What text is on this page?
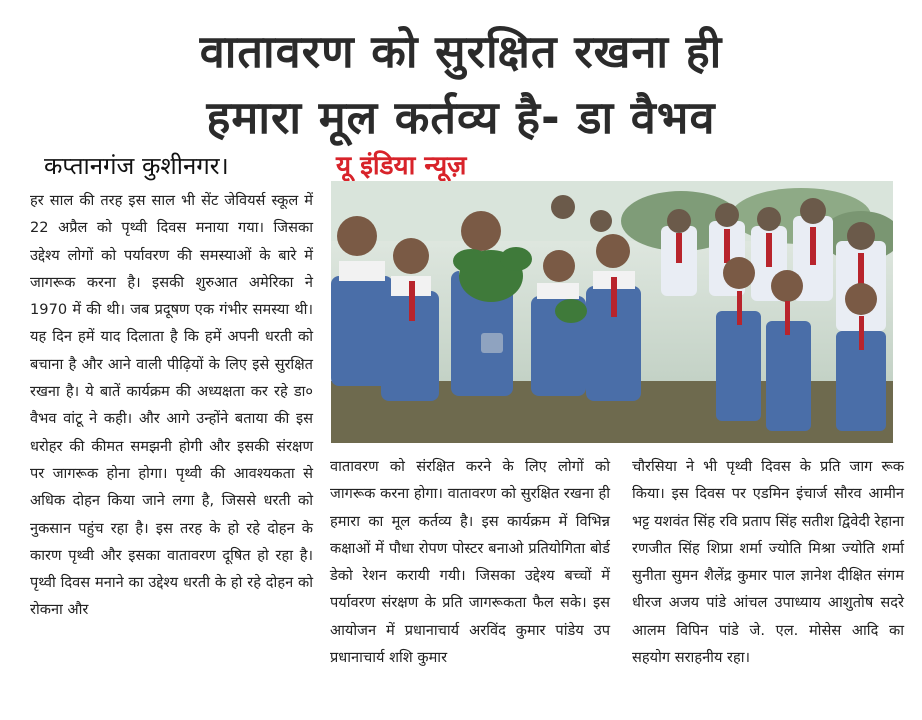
वातावरण को सुरक्षित रखना ही
हमारा मूल कर्तव्य है- डा वैभव
कप्तानगंज कुशीनगर।	यू इंडिया न्यूज़

हर साल की तरह इस साल भी सेंट जेवियर्स स्कूल में 22 अप्रैल को पृथ्वी दिवस मनाया गया। जिसका उद्देश्य लोगों को पर्यावरण की समस्याओं के बारे में जागरूक करना है। इसकी शुरुआत अमेरिका ने 1970 में की थी। जब प्रदूषण एक गंभीर समस्या थी। यह दिन हमें याद दिलाता है कि हमें अपनी धरती को बचाना है और आने वाली पीढ़ियों के लिए इसे सुरक्षित रखना है। ये बातें कार्यक्रम की अध्यक्षता कर रहे डा० वैभव वांटू ने कही। और आगे उन्होंने बताया की इस धरोहर की कीमत समझनी होगी और इसकी संरक्षण पर जागरूक होना होगा। पृथ्वी की आवश्यकता से अधिक दोहन किया जाने लगा है, जिससे धरती को नुकसान पहुंच रहा है। इस तरह के हो रहे दोहन के कारण पृथ्वी और इसका वातावरण दूषित हो रहा है। पृथ्वी दिवस मनाने का उद्देश्य धरती के हो रहे दोहन को रोकना और

वातावरण को संरक्षित करने के लिए लोगों को जागरूक करना होगा। वातावरण को सुरक्षित रखना ही हमारा का मूल कर्तव्य है। इस कार्यक्रम में विभिन्न कक्षाओं में पौधा रोपण पोस्टर बनाओ प्रतियोगिता बोर्ड डेको रेशन करायी गयी। जिसका उद्देश्य बच्चों में पर्यावरण संरक्षण के प्रति जागरूकता फैल सके। इस आयोजन में प्रधानाचार्य अरविंद कुमार पांडेय उप प्रधानाचार्य शशि कुमार

चौरसिया ने भी पृथ्वी दिवस के प्रति जाग रूक किया। इस दिवस पर एडमिन इंचार्ज सौरव आमीन भट्ट यशवंत सिंह रवि प्रताप सिंह सतीश द्विवेदी रेहाना रणजीत सिंह शिप्रा शर्मा ज्योति मिश्रा ज्योति शर्मा सुनीता सुमन शैलेंद्र कुमार पाल ज्ञानेश दीक्षित संगम धीरज अजय पांडे आंचल उपाध्याय आशुतोष सदरे आलम विपिन पांडे जे. एल. मोसेस आदि का सहयोग सराहनीय रहा।
